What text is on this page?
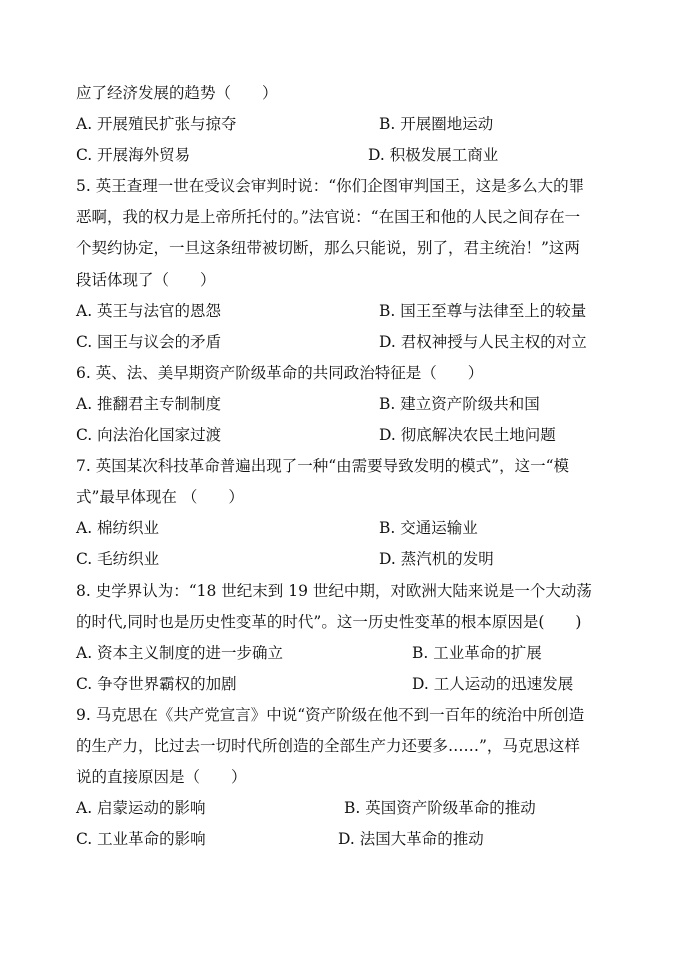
应了经济发展的趋势（　　）
A. 开展殖民扩张与掠夺	B. 开展圈地运动
C. 开展海外贸易	D. 积极发展工商业
5. 英王查理一世在受议会审判时说：“你们企图审判国王，这是多么大的罪
恶啊，我的权力是上帝所托付的。”法官说：“在国王和他的人民之间存在一
个契约协定，一旦这条纽带被切断，那么只能说，别了，君主统治！”这两
段话体现了（　　）
A. 英王与法官的恩怨	B. 国王至尊与法律至上的较量
C. 国王与议会的矛盾	D. 君权神授与人民主权的对立
6. 英、法、美早期资产阶级革命的共同政治特征是（　　）
A. 推翻君主专制制度	B. 建立资产阶级共和国
C. 向法治化国家过渡	D. 彻底解决农民土地问题
7. 英国某次科技革命普遍出现了一种“由需要导致发明的模式”，这一“模
式”最早体现在 （　　）
A. 棉纺织业	B. 交通运输业
C. 毛纺织业	D. 蒸汽机的发明
8. 史学界认为：“18 世纪末到 19 世纪中期，对欧洲大陆来说是一个大动荡
的时代,同时也是历史性变革的时代”。这一历史性变革的根本原因是(　　)
A. 资本主义制度的进一步确立	B. 工业革命的扩展
C. 争夺世界霸权的加剧	D. 工人运动的迅速发展
9. 马克思在《共产党宣言》中说“资产阶级在他不到一百年的统治中所创造
的生产力，比过去一切时代所创造的全部生产力还要多……”，马克思这样
说的直接原因是（　　）
A. 启蒙运动的影响	B. 英国资产阶级革命的推动
C. 工业革命的影响	D. 法国大革命的推动
